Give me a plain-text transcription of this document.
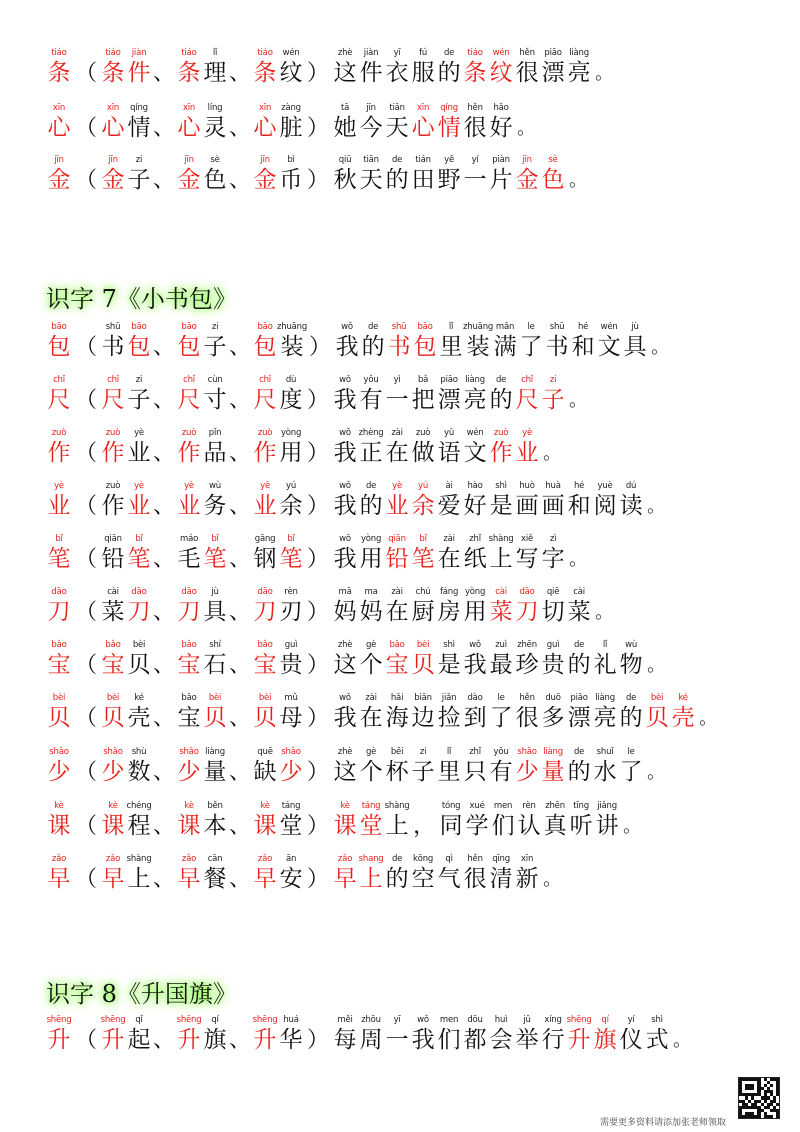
tiáo
条 （
tiáo
条
jiàn
件 、
tiáo
条
lǐ
理 、
tiáo
条
wén
纹 ）
zhè
这
jiàn
件
yī
衣
fú
服
de
的
tiáo
条
wén
纹
hěn
很
piāo
漂
liàng
亮 。
xīn
心 （
xīn
心
qíng
情 、
xīn
心
líng
灵 、
xīn
心
zàng
脏 ）
tā
她
jīn
今
tiān
天
xīn
心
qíng
情
hěn
很
hǎo
好 。
jīn
金 （
jīn
金
zi
子 、
jīn
金
sè
色 、
jīn
金
bì
币 ）
qiū
秋
tiān
天
de
的
tián
田
yě
野
yí
一
piàn
片
jīn
金
sè
色 。
识字 7《小书包》
bāo
包 （
shū
书
bāo
包 、
bāo
包
zi
子 、
bāo
包
zhuāng
装 ）
wǒ
我
de
的
shū
书
bāo
包
lǐ
里
zhuāng
装
mǎn
满
le
了
shū
书
hé
和
wén
文
jù
具 。
chǐ
尺 （
chǐ
尺
zi
子 、
chǐ
尺
cùn
寸 、
chǐ
尺
dù
度 ）
wǒ
我
yǒu
有
yì
一
bǎ
把
piāo
漂
liàng
亮
de
的
chǐ
尺
zi
子 。
zuò
作 （
zuò
作
yè
业 、
zuò
作
pǐn
品 、
zuò
作
yòng
用 ）
wǒ
我
zhèng
正
zài
在
zuò
做
yǔ
语
wén
文
zuò
作
yè
业 。
yè
业 （
zuò
作
yè
业 、
yè
业
wù
务 、
yè
业
yú
余 ）
wǒ
我
de
的
yè
业
yú
余
ài
爱
hào
好
shì
是
huò
画
huà
画
hé
和
yuè
阅
dú
读 。
bǐ
笔 （
qiān
铅
bǐ
笔 、
máo
毛
bǐ
笔 、
gāng
钢
bǐ
笔 ）
wǒ
我
yòng
用
qiān
铅
bǐ
笔
zài
在
zhǐ
纸
shàng
上
xiě
写
zì
字 。
dāo
刀 （
cài
菜
dāo
刀 、
dāo
刀
jù
具 、
dāo
刀
rèn
刃 ）
mā
妈
ma
妈
zài
在
chú
厨
fáng
房
yòng
用
cài
菜
dāo
刀
qiē
切
cài
菜 。
bǎo
宝 （
bǎo
宝
bèi
贝 、
bǎo
宝
shí
石 、
bǎo
宝
guì
贵 ）
zhè
这
gè
个
bǎo
宝
bèi
贝
shì
是
wǒ
我
zuì
最
zhēn
珍
guì
贵
de
的
lǐ
礼
wù
物 。
bèi
贝 （
bèi
贝
ké
壳 、
bǎo
宝
bèi
贝 、
bèi
贝
mǔ
母 ）
wǒ
我
zài
在
hǎi
海
biān
边
jiǎn
捡
dào
到
le
了
hěn
很
duō
多
piāo
漂
liàng
亮
de
的
bèi
贝
ké
壳 。
shǎo
少 （
shǎo
少
shù
数 、
shǎo
少
liàng
量 、
quē
缺
shǎo
少 ）
zhè
这
gè
个
bēi
杯
zi
子
lǐ
里
zhǐ
只
yǒu
有
shǎo
少
liàng
量
de
的
shuǐ
水
le
了 。
kè
课 （
kè
课
chéng
程 、
kè
课
běn
本 、
kè
课
táng
堂 ）
kè
课
táng
堂
shàng
上 ，
tóng
同
xué
学
men
们
rèn
认
zhēn
真
tīng
听
jiǎng
讲 。
zǎo
早 （
zǎo
早
shàng
上 、
zǎo
早
cān
餐 、
zǎo
早
ān
安 ）
zǎo
早
shang
上
de
的
kōng
空
qì
气
hěn
很
qīng
清
xīn
新 。
识字 8《升国旗》
shēng
升 （
shēng
升
qǐ
起 、
shēng
升
qí
旗 、
shēng
升
huá
华 ）
měi
每
zhōu
周
yī
一
wǒ
我
men
们
dōu
都
huì
会
jǔ
举
xíng
行
shēng
升
qí
旗
yí
仪
shì
式 。
需要更多资料请添加张老师领取
